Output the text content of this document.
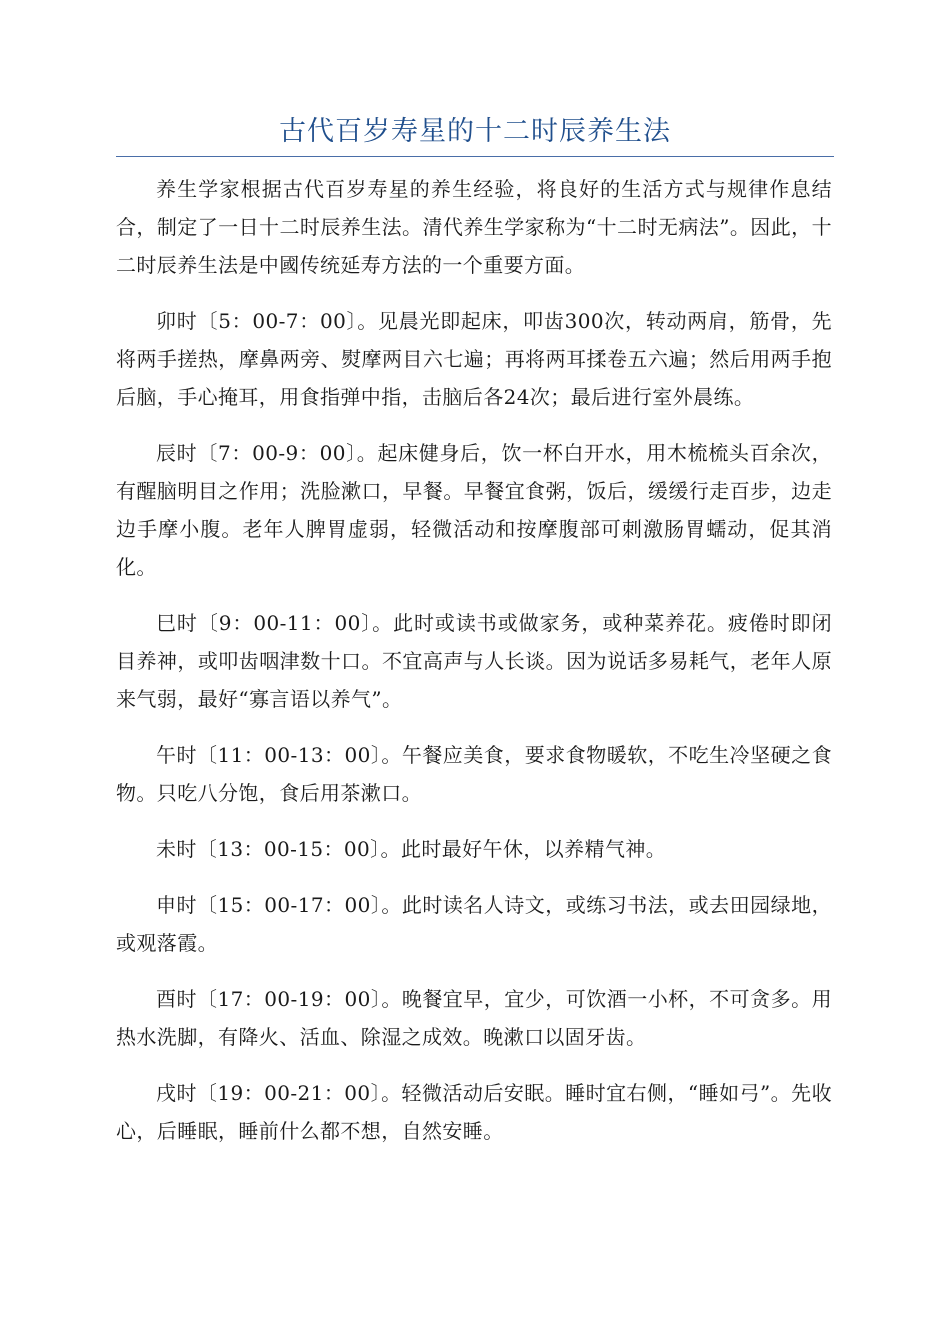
古代百岁寿星的十二时辰养生法

养生学家根据古代百岁寿星的养生经验，将良好的生活方式与规律作息结合，制定了一日十二时辰养生法。清代养生学家称为“十二时无病法”。因此，十二时辰养生法是中國传统延寿方法的一个重要方面。

卯时〔5：00-7：00〕。见晨光即起床，叩齿300次，转动两肩，筋骨，先将两手搓热，摩鼻两旁、熨摩两目六七遍；再将两耳揉卷五六遍；然后用两手抱后脑，手心掩耳，用食指弹中指，击脑后各24次；最后进行室外晨练。

辰时〔7：00-9：00〕。起床健身后，饮一杯白开水，用木梳梳头百余次，有醒脑明目之作用；洗脸漱口，早餐。早餐宜食粥，饭后，缓缓行走百步，边走边手摩小腹。老年人脾胃虚弱，轻微活动和按摩腹部可刺激肠胃蠕动，促其消化。

巳时〔9：00-11：00〕。此时或读书或做家务，或种菜养花。疲倦时即闭目养神，或叩齿咽津数十口。不宜高声与人长谈。因为说话多易耗气，老年人原来气弱，最好“寡言语以养气”。

午时〔11：00-13：00〕。午餐应美食，要求食物暖软，不吃生冷坚硬之食物。只吃八分饱，食后用茶漱口。

未时〔13：00-15：00〕。此时最好午休，以养精气神。

申时〔15：00-17：00〕。此时读名人诗文，或练习书法，或去田园绿地，或观落霞。

酉时〔17：00-19：00〕。晚餐宜早，宜少，可饮酒一小杯，不可贪多。用热水洗脚，有降火、活血、除湿之成效。晚漱口以固牙齿。

戌时〔19：00-21：00〕。轻微活动后安眠。睡时宜右侧，“睡如弓”。先收心，后睡眠，睡前什么都不想，自然安睡。
